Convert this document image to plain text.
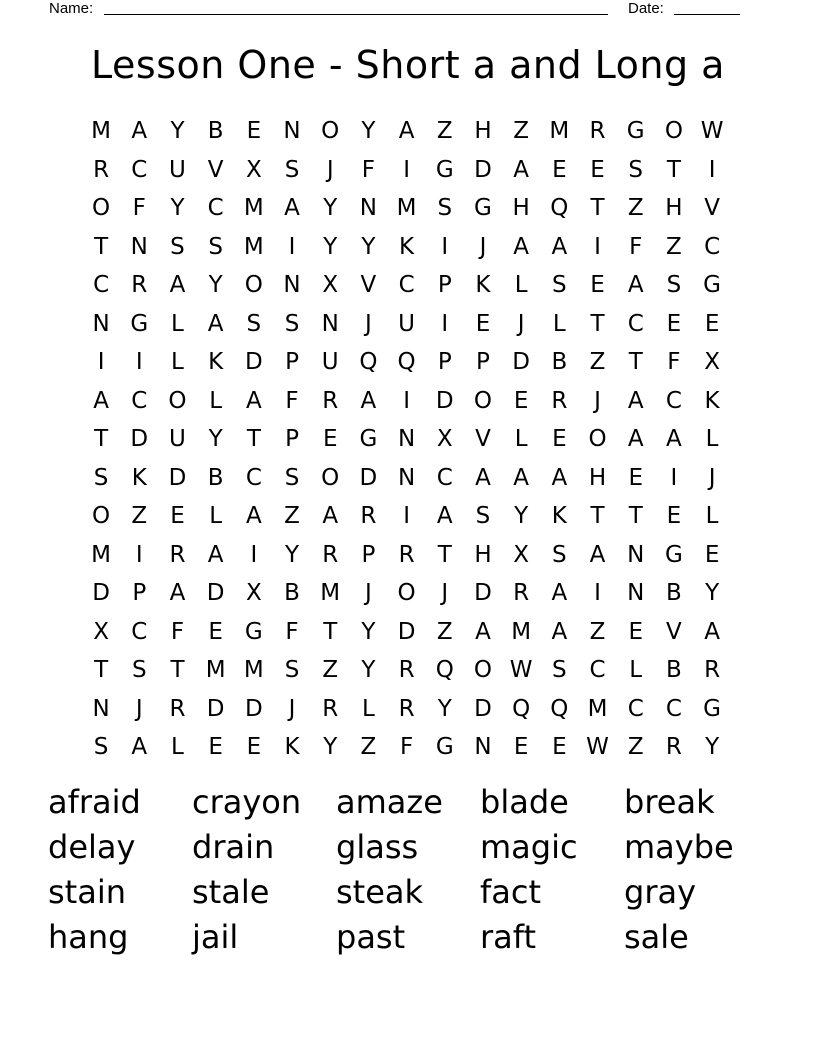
Name:	Date:
Lesson One - Short a and Long a
M A	Y	B	E N O Y	A Z H Z M R G O W
R C U V X	S	J	F	I	G D A	E	E	S	T	I
O F	Y	C M A	Y N M S G H Q T	Z H V
T N S	S M	I	Y	Y	K	I	J	A A	I	F	Z C
C R A	Y O N X V C	P	K	L	S	E	A	S G
N G L	A	S	S N	J	U	I	E	J	L	T	C E	E
I	I	L	K D P U Q Q P	P D B Z	T	F	X
A C O L	A	F	R A	I	D O E R	J	A C K
T D U Y	T	P	E G N X V	L	E O A A	L
S	K D B C S O D N C A A A H E	I	J
O Z	E	L	A Z A R	I	A	S	Y	K	T	T	E	L
M	I	R A	I	Y	R	P	R	T H X	S	A N G E
D P	A D X B M	J	O	J	D R A	I	N B	Y
X C	F	E G F	T	Y D Z A M A Z	E	V A
T	S	T M M S	Z	Y	R Q O W S C	L	B R
N	J	R D D	J	R	L	R	Y D Q Q M C C G
S	A	L	E	E	K	Y	Z	F G N E	E W Z R	Y
afraid	crayon	amaze	blade	break
delay	drain	glass	magic	maybe
stain	stale	steak	fact	gray
hang	jail	past	raft	sale
